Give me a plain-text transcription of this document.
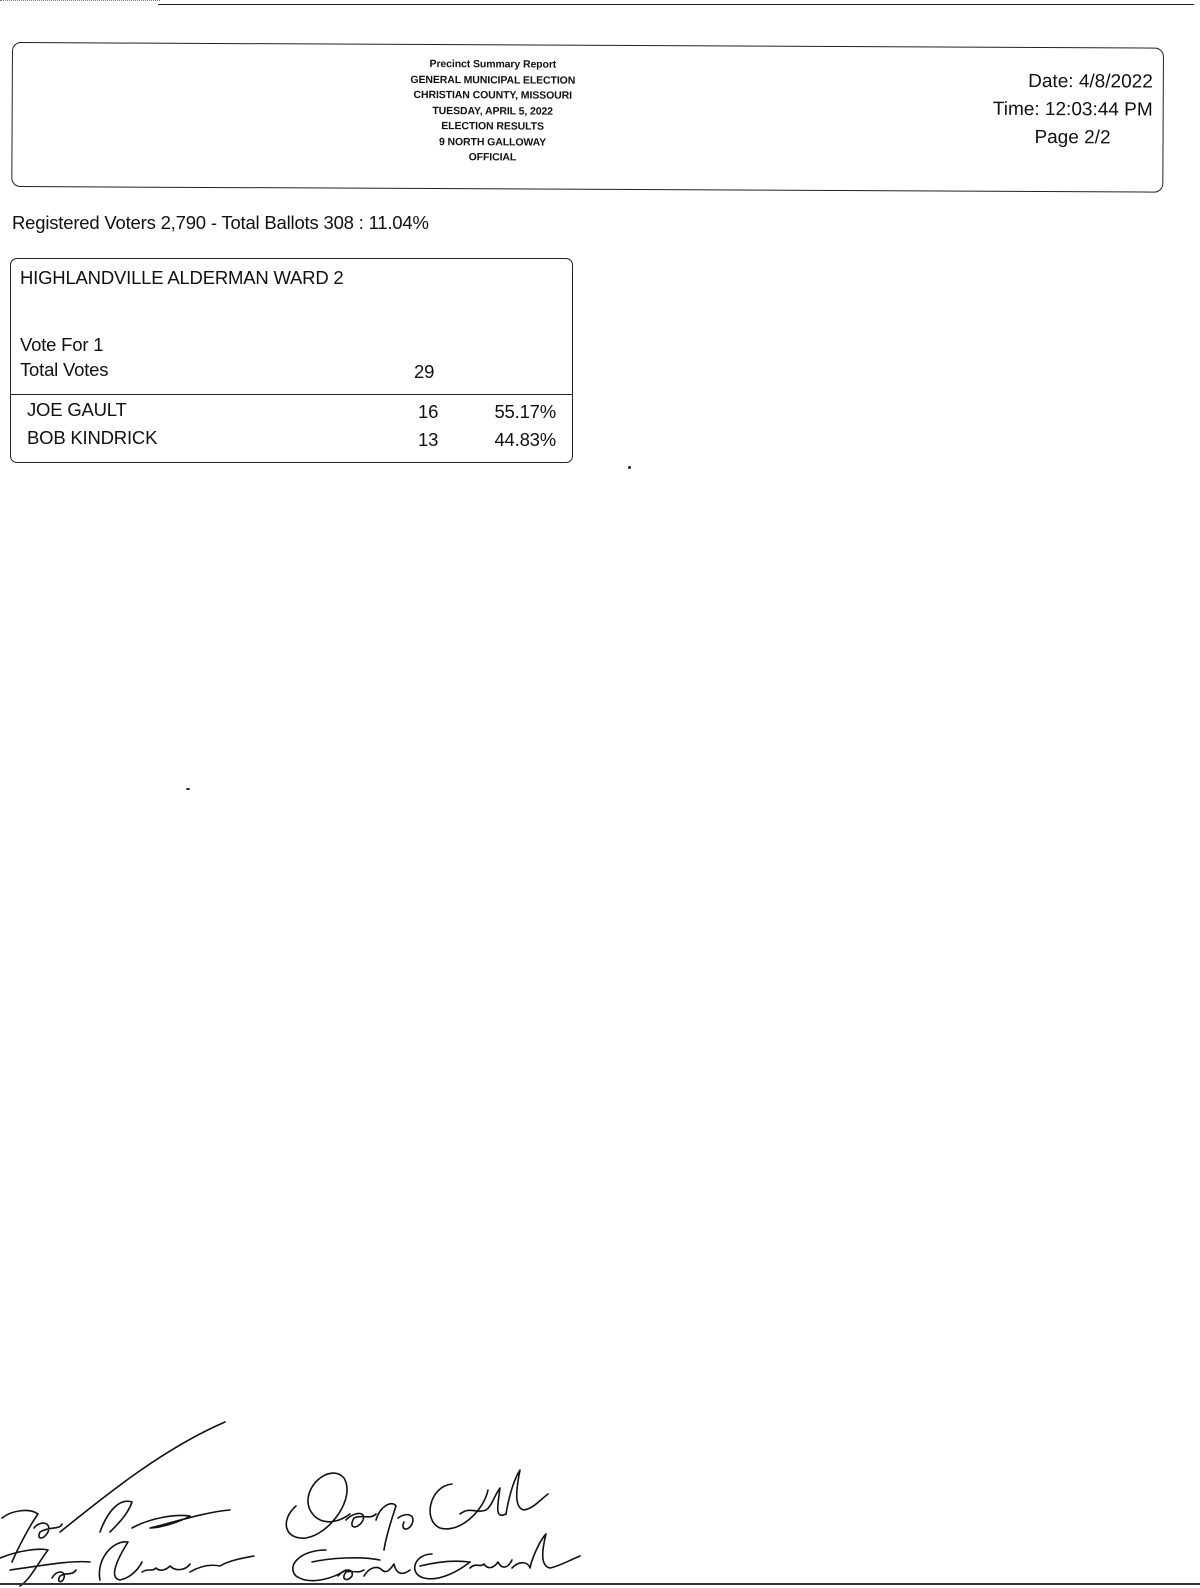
Precinct Summary Report
GENERAL MUNICIPAL ELECTION
CHRISTIAN COUNTY, MISSOURI
TUESDAY, APRIL 5, 2022
ELECTION RESULTS
9 NORTH GALLOWAY
OFFICIAL
Date: 4/8/2022
Time: 12:03:44 PM
Page 2/2
Registered Voters 2,790 - Total Ballots 308 : 11.04%
HIGHLANDVILLE ALDERMAN WARD 2
Vote For 1
Total Votes	29
JOE GAULT	16	55.17%
BOB KINDRICK	13	44.83%
